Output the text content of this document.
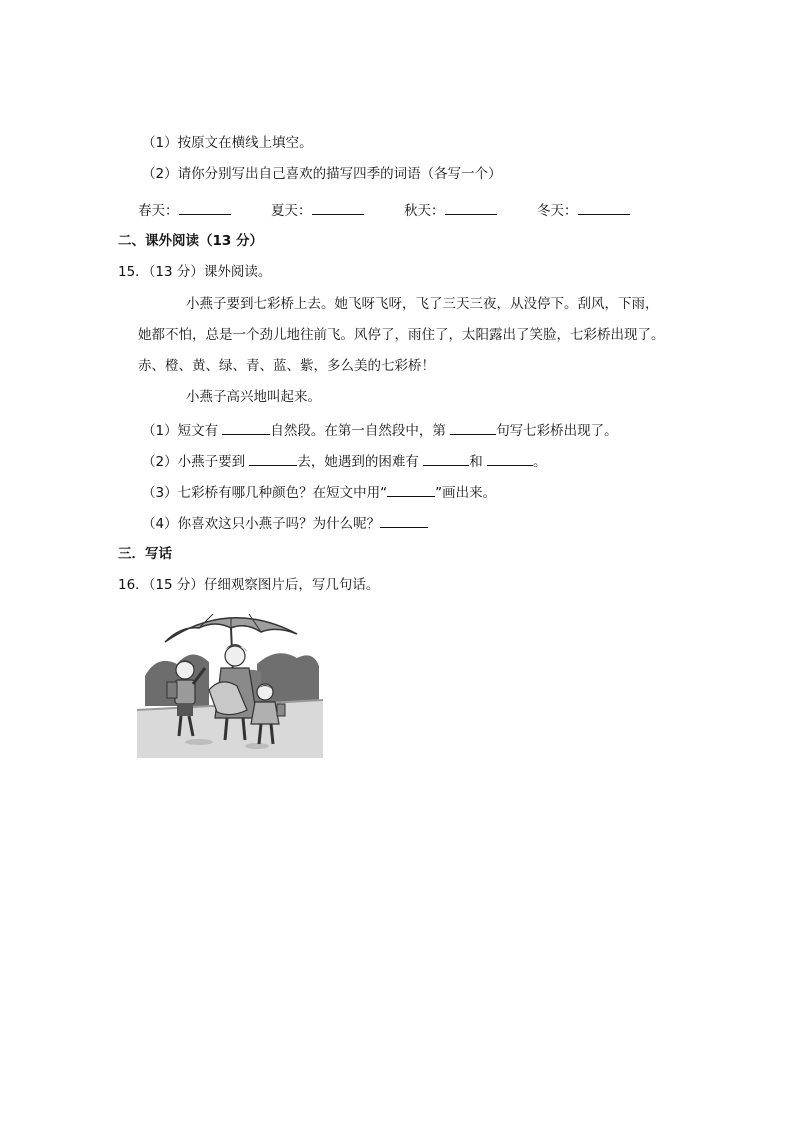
（1）按原文在横线上填空。
（2）请你分别写出自己喜欢的描写四季的词语（各写一个）
春天：	夏天：	秋天：	冬天：
二、课外阅读（13 分）
15．（13 分）课外阅读。
小燕子要到七彩桥上去。她飞呀飞呀，飞了三天三夜，从没停下。刮风，下雨，
她都不怕，总是一个劲儿地往前飞。风停了，雨住了，太阳露出了笑脸，七彩桥出现了。
赤、橙、黄、绿、青、蓝、紫，多么美的七彩桥！
小燕子高兴地叫起来。
（1）短文有	自然段。在第一自然段中，第	句写七彩桥出现了。
（2）小燕子要到	去，她遇到的困难有	和	。
（3）七彩桥有哪几种颜色？在短文中用“	”画出来。
（4）你喜欢这只小燕子吗？为什么呢？
三．写话
16．（15 分）仔细观察图片后，写几句话。
